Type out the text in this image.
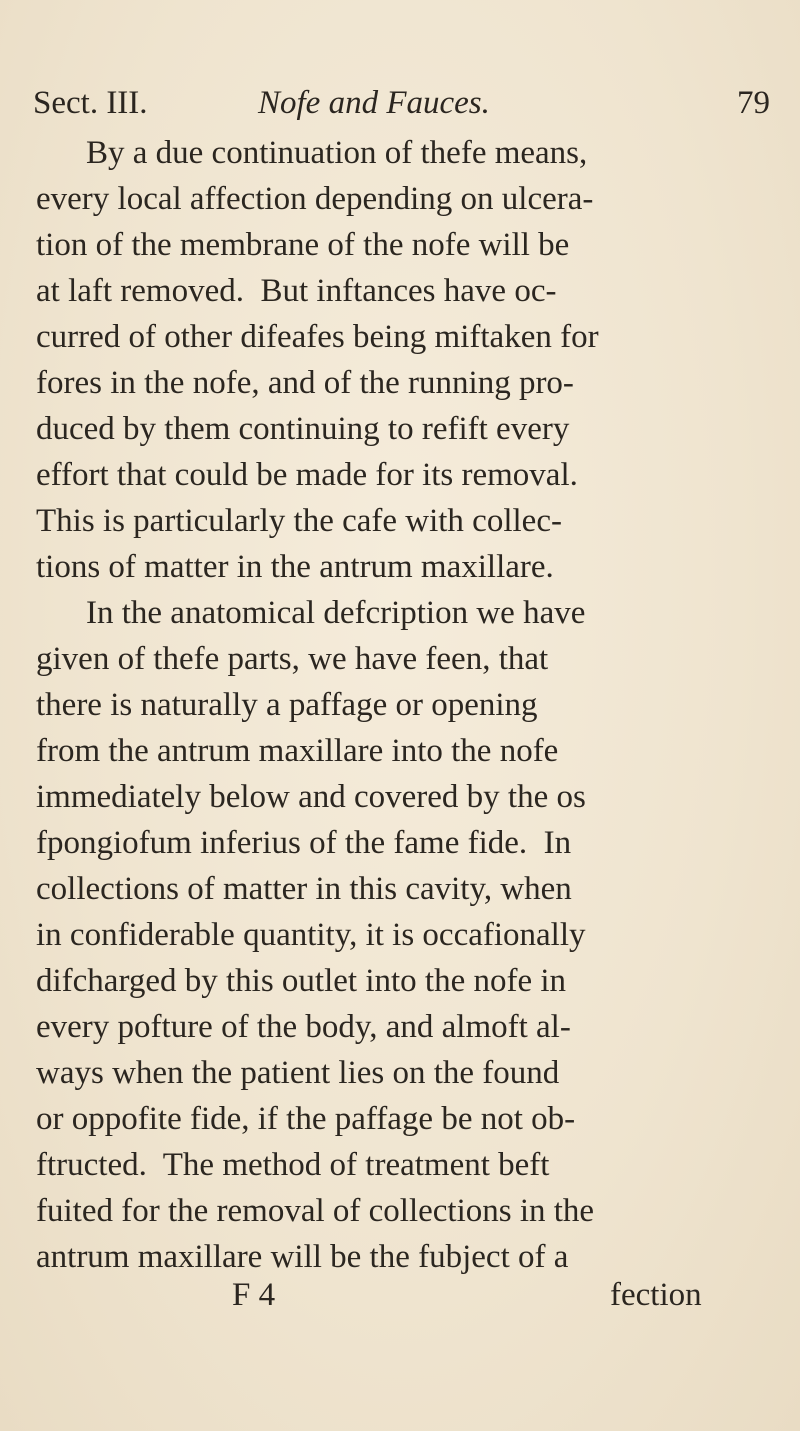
Sect. III.	Nofe and Fauces.	79
By a due continuation of thefe means,
every local affection depending on ulcera-
tion of the membrane of the nofe will be
at laft removed.  But inftances have oc-
curred of other difeafes being miftaken for
fores in the nofe, and of the running pro-
duced by them continuing to refift every
effort that could be made for its removal.
This is particularly the cafe with collec-
tions of matter in the antrum maxillare.
In the anatomical defcription we have
given of thefe parts, we have feen, that
there is naturally a paffage or opening
from the antrum maxillare into the nofe
immediately below and covered by the os
fpongiofum inferius of the fame fide.  In
collections of matter in this cavity, when
in confiderable quantity, it is occafionally
difcharged by this outlet into the nofe in
every pofture of the body, and almoft al-
ways when the patient lies on the found
or oppofite fide, if the paffage be not ob-
ftructed.  The method of treatment beft
fuited for the removal of collections in the
antrum maxillare will be the fubject of a
F 4	fection
